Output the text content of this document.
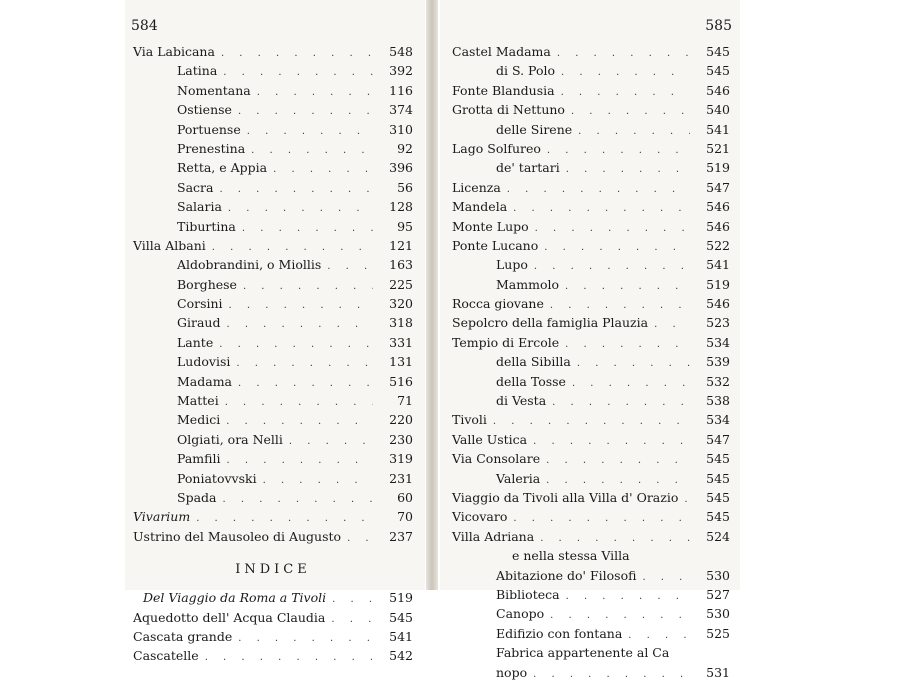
584
Via Labicana . . .	548
Latina . . .	392
Nomentana . . .	116
Ostiense . . .	374
Portuense . . .	310
Prenestina . . .	92
Retta, e Appia . . .	396
Sacra . . .	56
Salaria . . .	128
Tiburtina . . .	95
Villa Albani . . .	121
Aldobrandini, o Miollis . . .	163
Borghese . . .	225
Corsini . . .	320
Giraud . . .	318
Lante . . .	331
Ludovisi . . .	131
Madama . . .	516
Mattei . . .	71
Medici . . .	220
Olgiati, ora Nelli . . .	230
Pamfili . . .	319
Poniatovvski . . .	231
Spada . . .	60
Vivarium . . .	70
Ustrino del Mausoleo di Augusto . . .	237
INDICE
Del Viaggio da Roma a Tivoli . . .	519
Aquedotto dell' Acqua Claudia . . .	545
Cascata grande . . .	541
Cascatelle . . .	542
585
Castel Madama . . .	545
di S. Polo . . .	545
Fonte Blandusia . . .	546
Grotta di Nettuno . . .	540
delle Sirene . . .	541
Lago Solfureo . . .	521
de' tartari . . .	519
Licenza . . .	547
Mandela . . .	546
Monte Lupo . . .	546
Ponte Lucano . . .	522
Lupo . . .	541
Mammolo . . .	519
Rocca giovane . . .	546
Sepolcro della famiglia Plauzia . . .	523
Tempio di Ercole . . .	534
della Sibilla . . .	539
della Tosse . . .	532
di Vesta . . .	538
Tivoli . . .	534
Valle Ustica . . .	547
Via Consolare . . .	545
Valeria . . .	545
Viaggio da Tivoli alla Villa d' Orazio . . .	545
Vicovaro . . .	545
Villa Adriana . . .	524
e nella stessa Villa
Abitazione do' Filosofi . . .	530
Biblioteca . . .	527
Canopo . . .	530
Edifizio con fontana . . .	525
Fabrica appartenente al Ca
nopo . . .	531
